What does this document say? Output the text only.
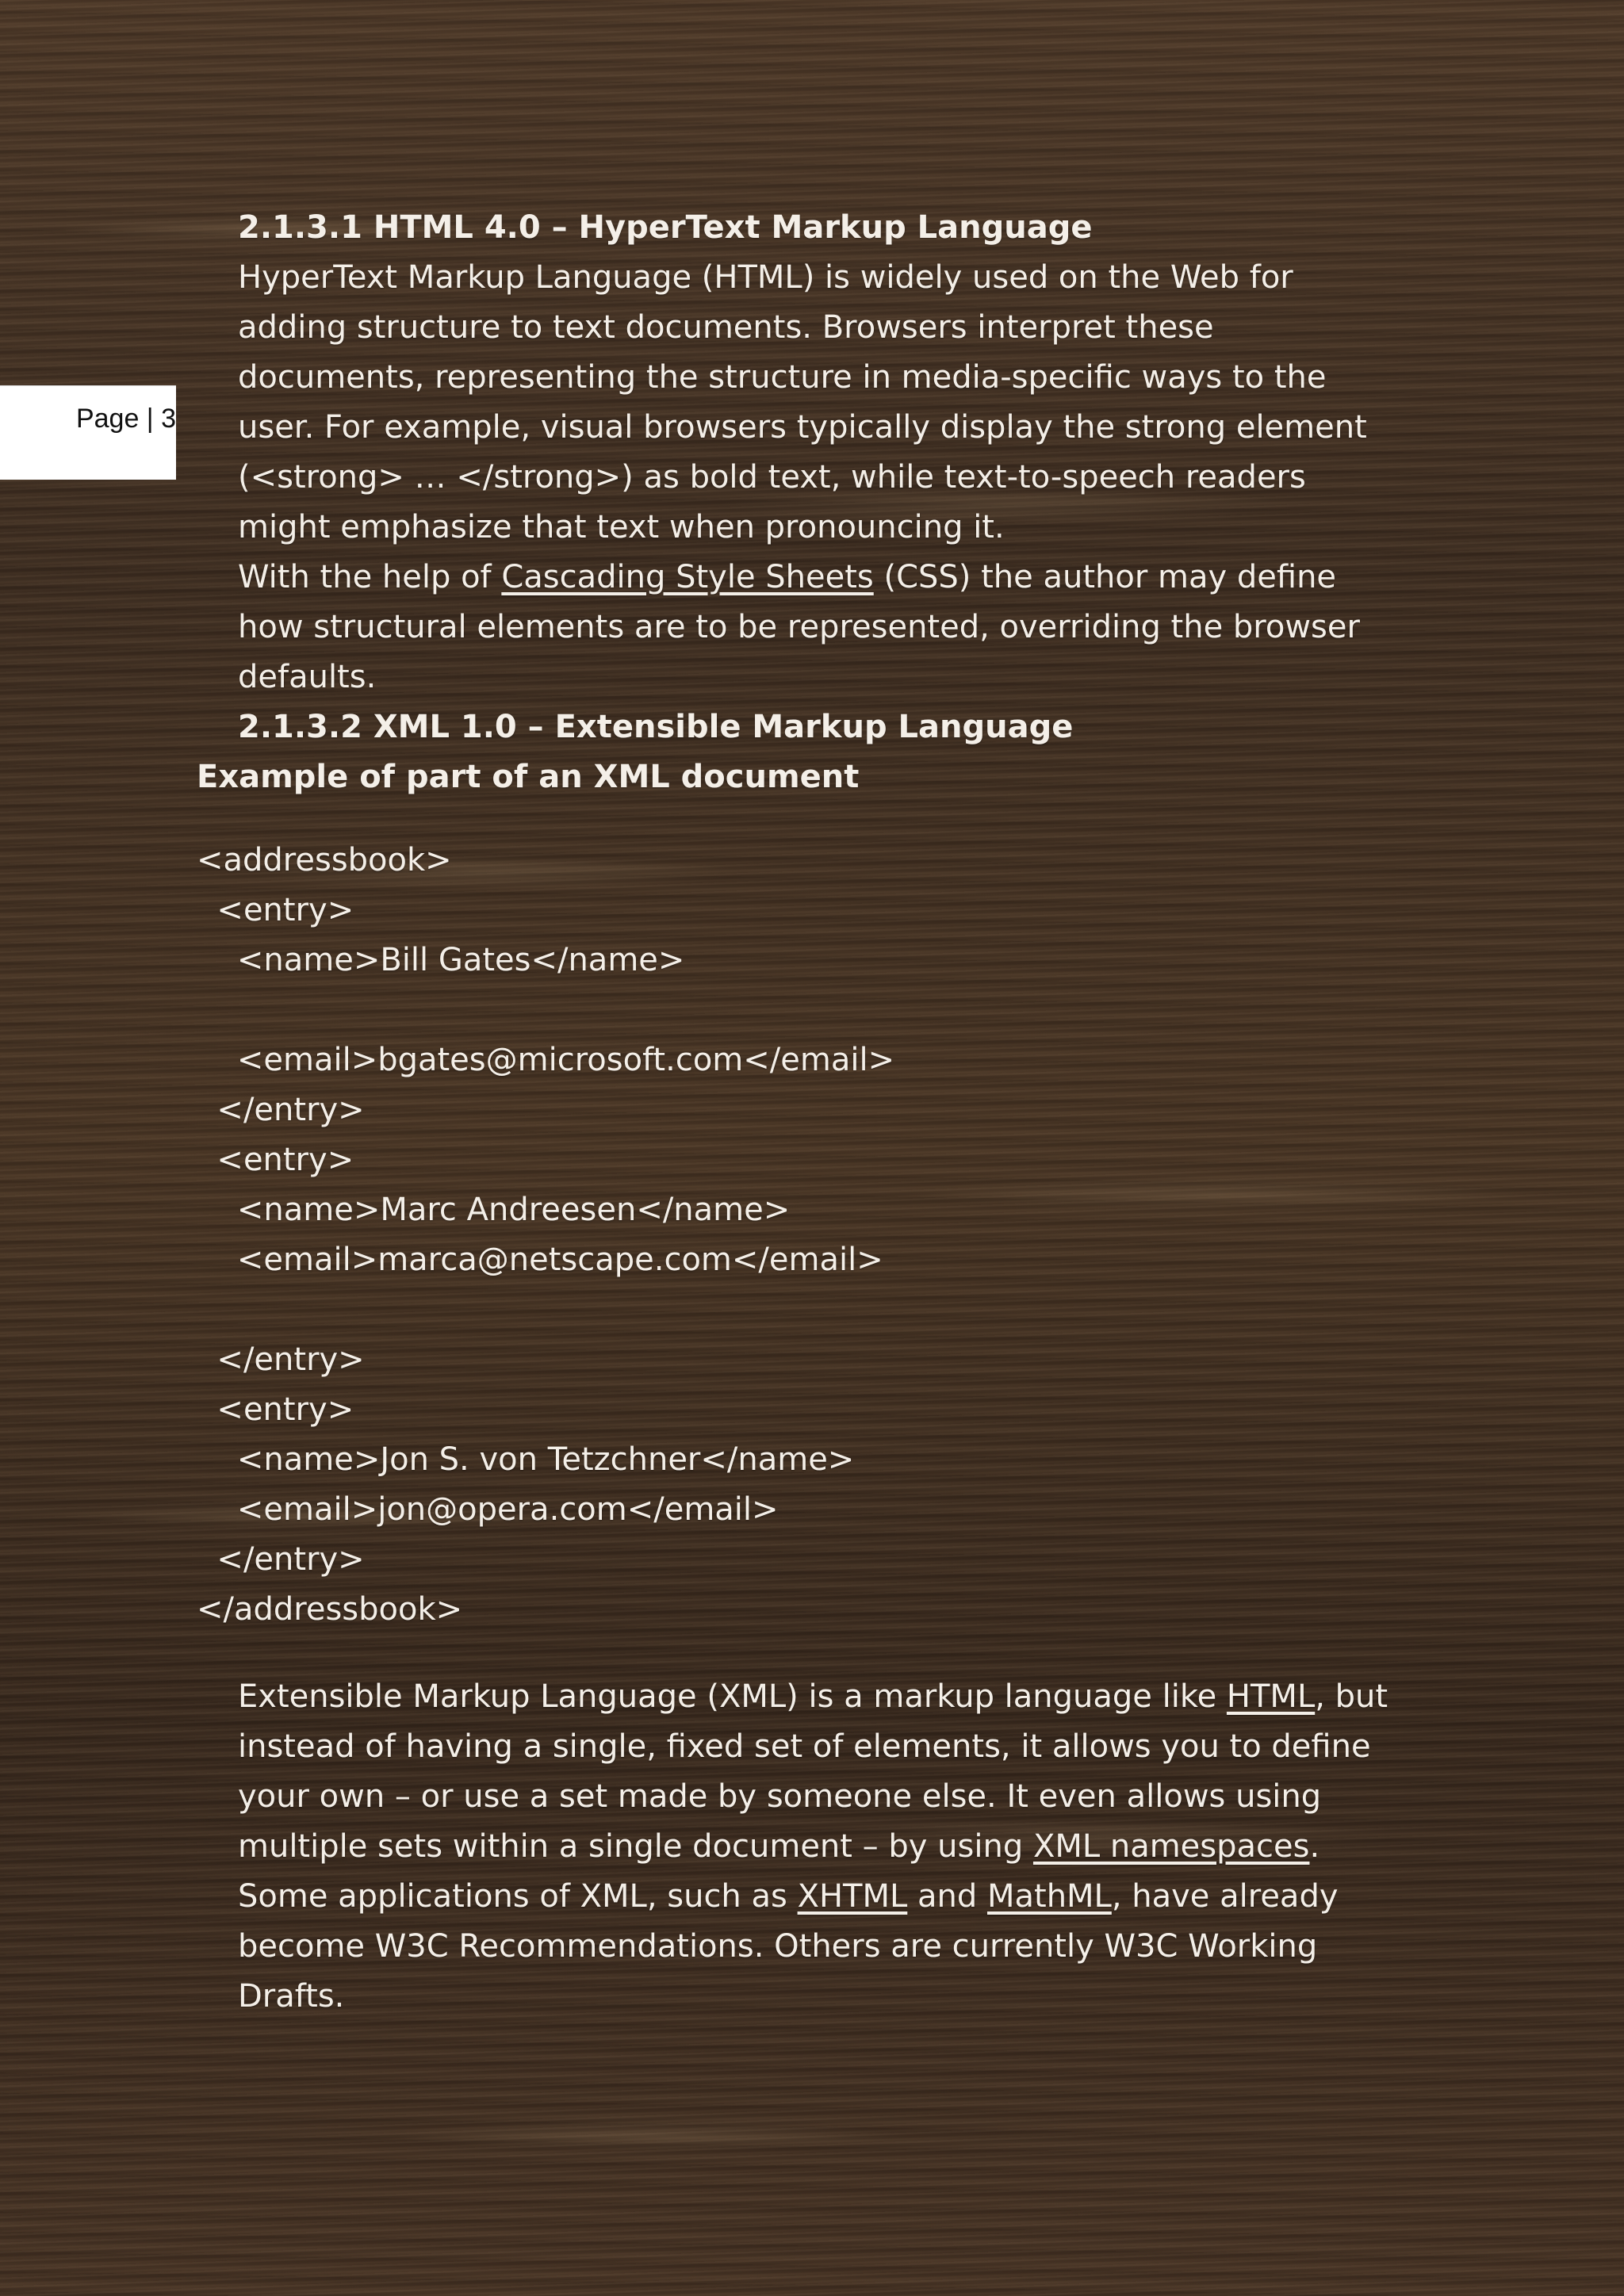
Page | 3
2.1.3.1 HTML 4.0 – HyperText Markup Language
HyperText Markup Language (HTML) is widely used on the Web for
adding structure to text documents. Browsers interpret these
documents, representing the structure in media-specific ways to the
user. For example, visual browsers typically display the strong element
(<strong> … </strong>) as bold text, while text-to-speech readers
might emphasize that text when pronouncing it.
With the help of Cascading Style Sheets (CSS) the author may define
how structural elements are to be represented, overriding the browser
defaults.
2.1.3.2 XML 1.0 – Extensible Markup Language
Example of part of an XML document
<addressbook>
<entry>
<name>Bill Gates</name>
<email>bgates@microsoft.com</email>
</entry>
<entry>
<name>Marc Andreesen</name>
<email>marca@netscape.com</email>
</entry>
<entry>
<name>Jon S. von Tetzchner</name>
<email>jon@opera.com</email>
</entry>
</addressbook>
Extensible Markup Language (XML) is a markup language like HTML, but
instead of having a single, fixed set of elements, it allows you to define
your own – or use a set made by someone else. It even allows using
multiple sets within a single document – by using XML namespaces.
Some applications of XML, such as XHTML and MathML, have already
become W3C Recommendations. Others are currently W3C Working
Drafts.
